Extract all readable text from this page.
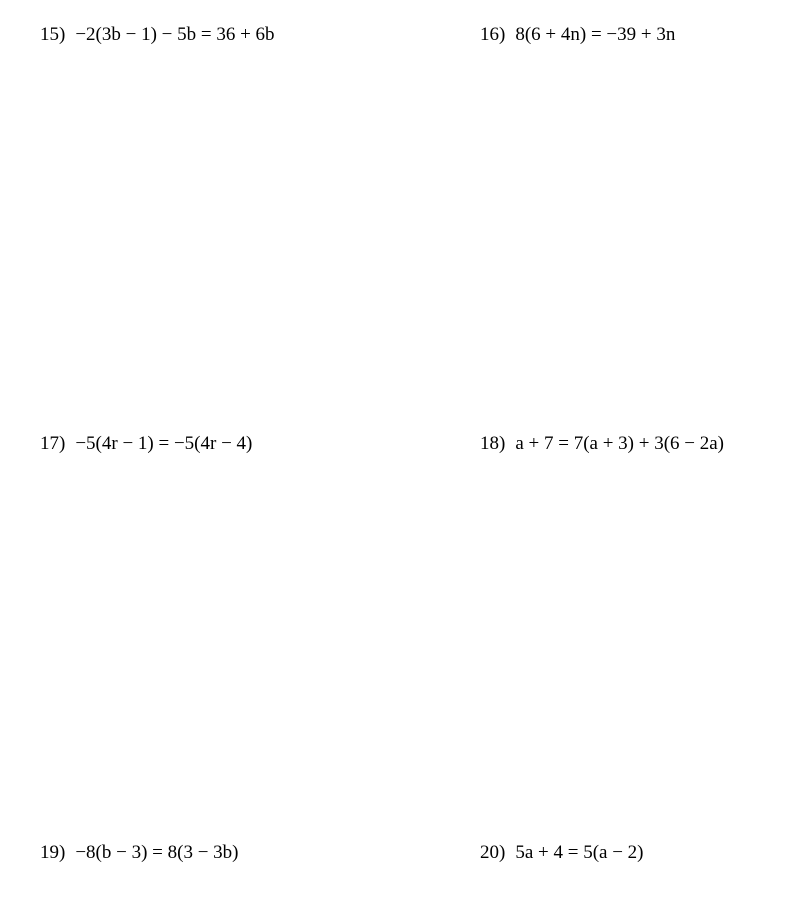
15) −2(3b − 1) − 5b = 36 + 6b	16) 8(6 + 4n) = −39 + 3n
17) −5(4r − 1) = −5(4r − 4)	18) a + 7 = 7(a + 3) + 3(6 − 2a)
19) −8(b − 3) = 8(3 − 3b)	20) 5a + 4 = 5(a − 2)
